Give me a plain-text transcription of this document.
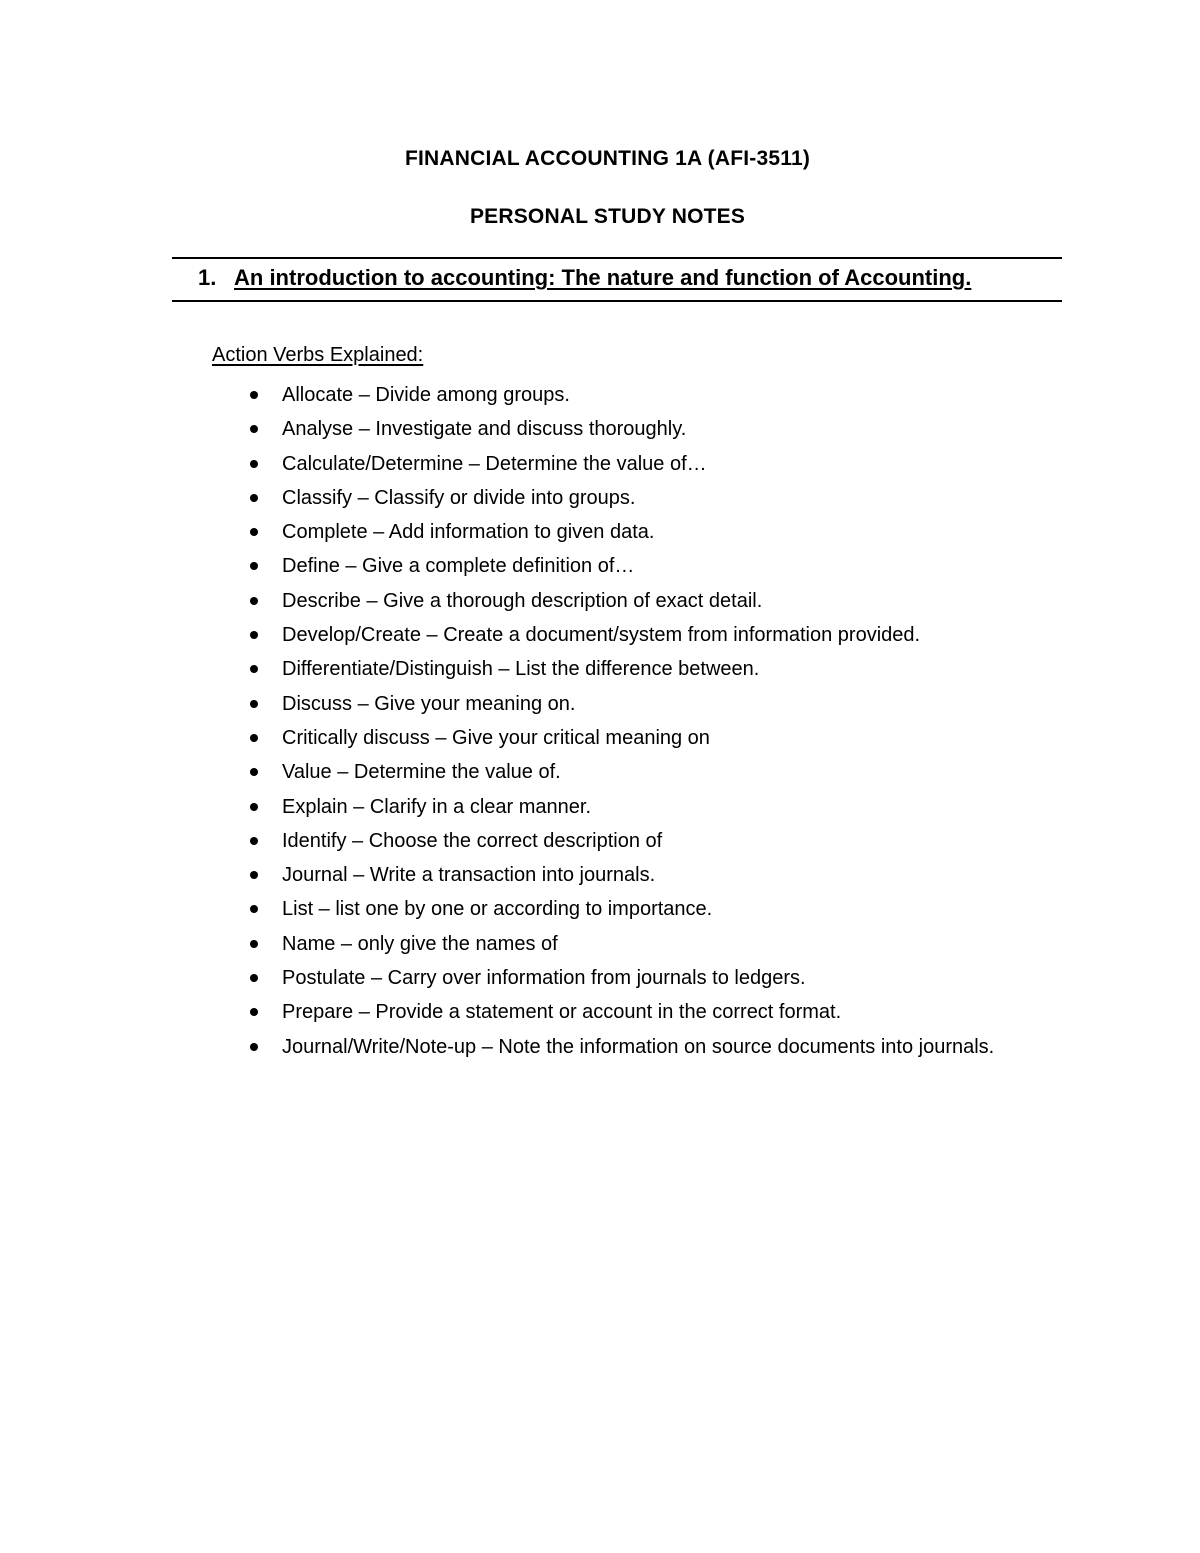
FINANCIAL ACCOUNTING 1A (AFI-3511)
PERSONAL STUDY NOTES
1. An introduction to accounting: The nature and function of Accounting.
Action Verbs Explained:
Allocate – Divide among groups.
Analyse – Investigate and discuss thoroughly.
Calculate/Determine – Determine the value of…
Classify – Classify or divide into groups.
Complete – Add information to given data.
Define – Give a complete definition of…
Describe – Give a thorough description of exact detail.
Develop/Create – Create a document/system from information provided.
Differentiate/Distinguish – List the difference between.
Discuss – Give your meaning on.
Critically discuss – Give your critical meaning on
Value – Determine the value of.
Explain – Clarify in a clear manner.
Identify – Choose the correct description of
Journal – Write a transaction into journals.
List – list one by one or according to importance.
Name – only give the names of
Postulate – Carry over information from journals to ledgers.
Prepare – Provide a statement or account in the correct format.
Journal/Write/Note-up – Note the information on source documents into journals.
